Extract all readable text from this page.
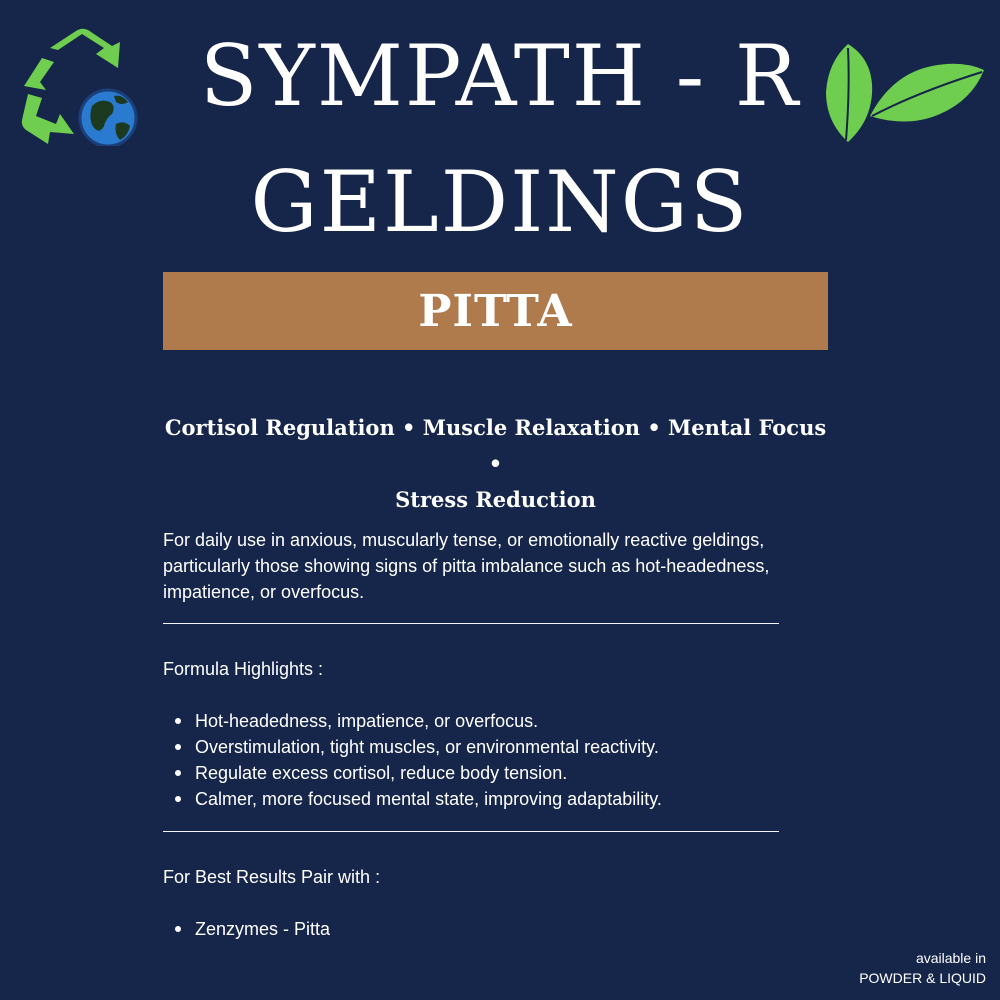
SYMPATH - R
GELDINGS
PITTA
Cortisol Regulation • Muscle Relaxation • Mental Focus •
Stress Reduction

For daily use in anxious, muscularly tense, or emotionally reactive geldings, particularly those showing signs of pitta imbalance such as hot-headedness, impatience, or overfocus.

Formula Highlights :
Hot-headedness, impatience, or overfocus.
Overstimulation, tight muscles, or environmental reactivity.
Regulate excess cortisol, reduce body tension.
Calmer, more focused mental state, improving adaptability.
For Best Results Pair with :
Zenzymes - Pitta
available in
POWDER & LIQUID
